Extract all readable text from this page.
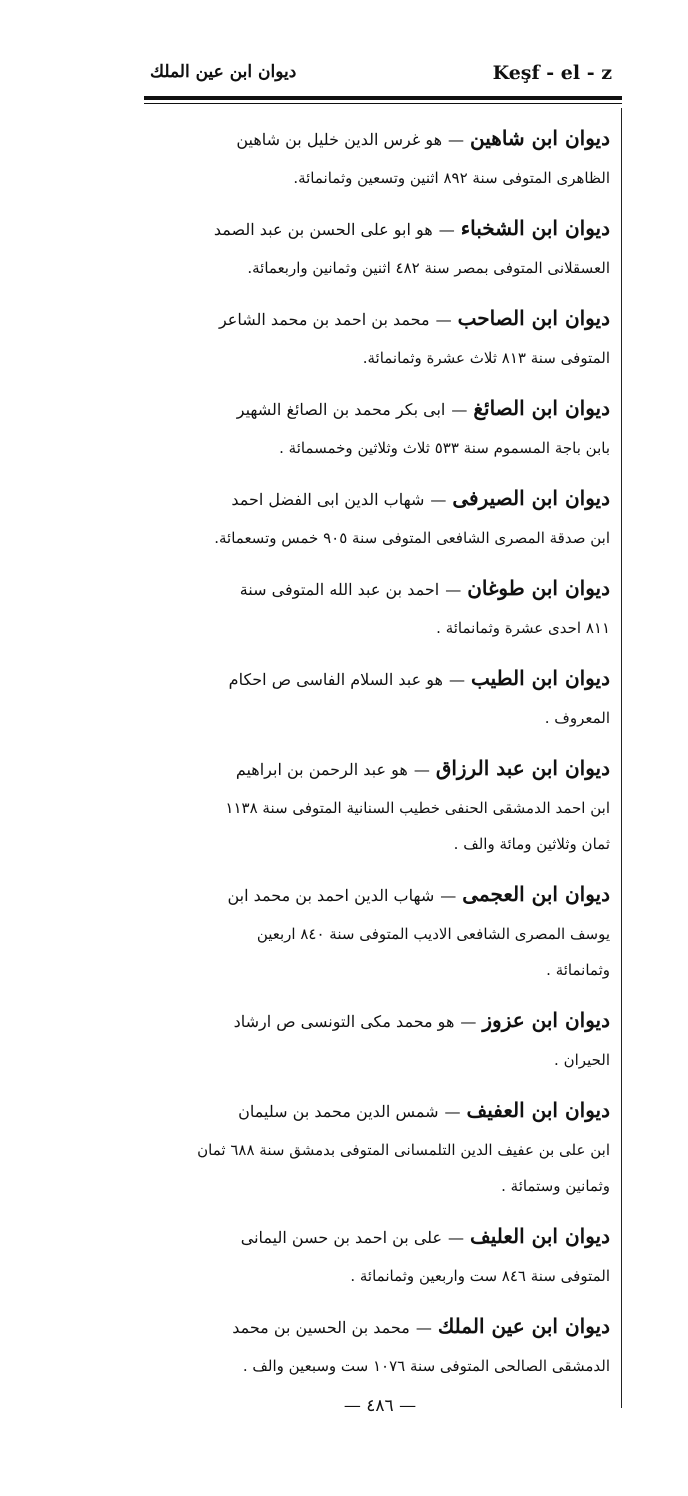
Keşf - el - z
ديوان ابن عين الملك
ديوان ابن شاهين—هو غرس الدين خليل بن شاهين
الظاهرى المتوفى سنة ٨٩٢ اثنين وتسعين وثمانمائة.
ديوان ابن الشخباء—هو ابو على الحسن بن عبد الصمد
العسقلانى المتوفى بمصر سنة ٤٨٢ اثنين وثمانين واربعمائة.
ديوان ابن الصاحب—محمد بن احمد بن محمد الشاعر
المتوفى سنة ٨١٣ ثلاث عشرة وثمانمائة.
ديوان ابن الصائغ—ابى بكر محمد بن الصائغ الشهير
بابن باجة المسموم سنة ٥٣٣ ثلاث وثلاثين وخمسمائة .
ديوان ابن الصيرفى—شهاب الدين ابى الفضل احمد
ابن صدقة المصرى الشافعى المتوفى سنة ٩٠٥ خمس وتسعمائة.
ديوان ابن طوغان—احمد بن عبد الله المتوفى سنة
٨١١ احدى عشرة وثمانمائة .
ديوان ابن الطيب—هو عبد السلام الفاسى ص احكام
المعروف .
ديوان ابن عبد الرزاق—هو عبد الرحمن بن ابراهيم
ابن احمد الدمشقى الحنفى خطيب السنانية المتوفى سنة ١١٣٨
ثمان وثلاثين ومائة والف .
ديوان ابن العجمى—شهاب الدين احمد بن محمد ابن
يوسف المصرى الشافعى الاديب المتوفى سنة ٨٤٠ اربعين
وثمانمائة .
ديوان ابن عزوز—هو محمد مكى التونسى ص ارشاد
الحيران .
ديوان ابن العفيف—شمس الدين محمد بن سليمان
ابن على بن عفيف الدين التلمسانى المتوفى بدمشق سنة ٦٨٨ ثمان
وثمانين وستمائة .
ديوان ابن العليف—على بن احمد بن حسن اليمانى
المتوفى سنة ٨٤٦ ست واربعين وثمانمائة .
ديوان ابن عين الملك—محمد بن الحسين بن محمد
الدمشقى الصالحى المتوفى سنة ١٠٧٦ ست وسبعين والف .
— ٤٨٦ —
